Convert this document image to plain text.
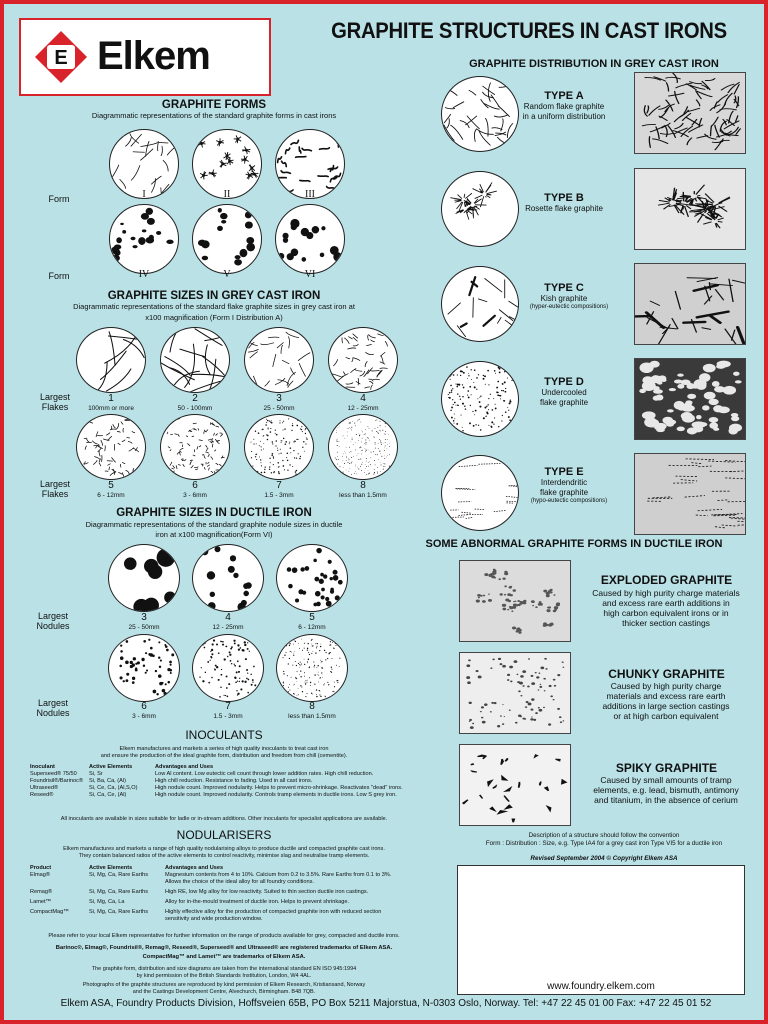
E Elkem
GRAPHITE STRUCTURES IN CAST IRONS
GRAPHITE FORMS
Diagrammatic representations of the standard graphite forms in cast irons
Form
Form
I	II	III
IV	V	VI
GRAPHITE SIZES IN GREY CAST IRON
Diagrammatic representations of the standard flake graphite sizes in grey cast iron at
x100 magnification (Form I Distribution A)
Largest
Flakes
Largest
Flakes
1	2	3	4
100mm or more	50 - 100mm	25 - 50mm	12 - 25mm
5	6	7	8
6 - 12mm	3 - 6mm	1.5 - 3mm	less than 1.5mm
GRAPHITE SIZES IN DUCTILE IRON
Diagrammatic representations of the standard graphite nodule sizes in ductile
iron at x100 magnification(Form VI)
Largest
Nodules
Largest
Nodules
3	4	5
25 - 50mm	12 - 25mm	6 - 12mm
6	7	8
3 - 6mm	1.5 - 3mm	less than 1.5mm
INOCULANTS
Elkem manufactures and markets a series of high quality inoculants to treat cast iron
and ensure the production of the ideal graphite form, distribution and freedom from chill (cementite).
Inoculant	Active Elements	Advantages and Uses
Superseed® 75/50	Si, Sr	Low Al content. Low eutectic cell count through lower addition rates. High chill reduction.
Foundrisil®/Barinoc®	Si, Ba, Ca, (Al)	High chill reduction. Resistance to fading. Used in all cast irons.
Ultraseed®	Si, Ce, Ca, (Al,S,O)	High nodule count. Improved nodularity. Helps to prevent micro-shrinkage. Reactivates "dead" irons.
Reseed®	Si, Ca, Ce, (Al)	High nodule count. Improved nodularity. Controls tramp elements in ductile irons. Low S grey iron.
All inoculants are available in sizes suitable for ladle or in-stream additions. Other inoculants for specialist applications are available.
NODULARISERS
Elkem manufactures and markets a range of high quality nodularising alloys to produce ductile and compacted graphite cast irons.
They contain balanced ratios of the active elements to control reactivity, minimise slag and neutralise tramp elements.
Product	Active Elements	Advantages and Uses
Elmag®	Si, Mg, Ca, Rare Earths	Magnesium contents from 4 to 10%. Calcium from 0.2 to 3.5%. Rare Earths from 0.1 to 3%.
Allows the choice of the ideal alloy for all foundry conditions.
Remag®	Si, Mg, Ca, Rare Earths	High RE, low Mg alloy for low reactivity. Suited to thin section ductile iron castings.
Lamet™	Si, Mg, Ca, La	Alloy for in-the-mould treatment of ductile iron. Helps to prevent shrinkage.
CompactMag™	Si, Mg, Ca, Rare Earths	Highly effective alloy for the production of compacted graphite iron with reduced section
sensitivity and wide production window.
Please refer to your local Elkem representative for further information on the range of products available for grey, compacted and ductile irons.
Barinoc®, Elmag®, Foundrisil®, Remag®, Reseed®, Superseed® and Ultraseed® are registered trademarks of Elkem ASA.
CompactMag™ and Lamet™ are trademarks of Elkem ASA.
The graphite form, distribution and size diagrams are taken from the international standard EN ISO 945:1994
by kind permission of the British Standards Institution, London, W4 4AL.
Photographs of the graphite structures are reproduced by kind permission of Elkem Research, Kristiansand, Norway
and the Castings Development Centre, Alvechurch, Birmingham. B48 7QB.
GRAPHITE DISTRIBUTION IN GREY CAST IRON
TYPE A
Random flake graphite
in a uniform distribution
TYPE B
Rosette flake graphite
TYPE C
Kish graphite
(hyper-eutectic compositions)
TYPE D
Undercooled
flake graphite
TYPE E
Interdendritic
flake graphite
(hypo-eutectic compositions)
SOME ABNORMAL GRAPHITE FORMS IN DUCTILE IRON
EXPLODED GRAPHITE
Caused by high purity charge materials
and excess rare earth additions in
high carbon equivalent irons or in
thicker section castings
CHUNKY GRAPHITE
Caused by high purity charge
materials and excess rare earth
additions in large section castings
or at high carbon equivalent
SPIKY GRAPHITE
Caused by small amounts of tramp
elements, e.g. lead, bismuth, antimony
and titanium, in the absence of cerium
Description of a structure should follow the convention
Form : Distribution : Size, e.g. Type IA4 for a grey cast iron Type VI5 for a ductile iron
Revised September 2004 © Copyright Elkem ASA
www.foundry.elkem.com
Elkem ASA, Foundry Products Division, Hoffsveien 65B, PO Box 5211 Majorstua, N-0303 Oslo, Norway. Tel: +47 22 45 01 00 Fax: +47 22 45 01 52
